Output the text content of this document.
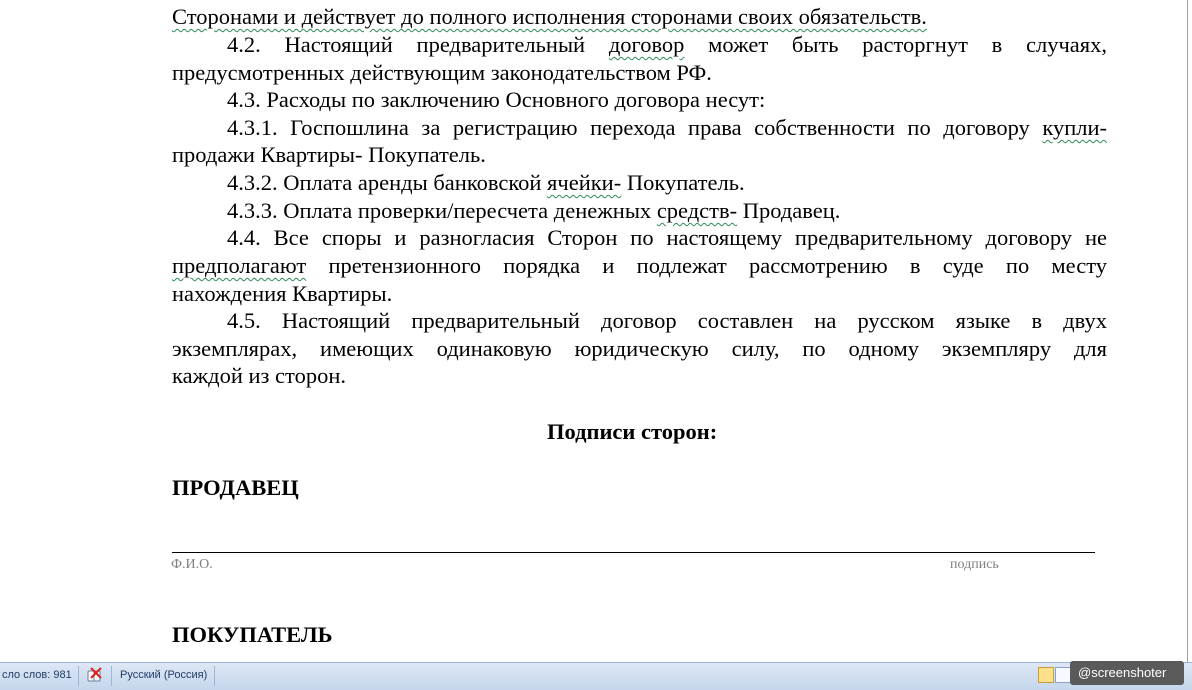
Сторонами и действует до полного исполнения сторонами своих обязательств.
4.2. Настоящий предварительный договор может быть расторгнут в случаях,
предусмотренных действующим законодательством РФ.
4.3. Расходы по заключению Основного договора несут:
4.3.1. Госпошлина за регистрацию перехода права собственности по договору купли-
продажи Квартиры- Покупатель.
4.3.2. Оплата аренды банковской ячейки- Покупатель.
4.3.3. Оплата проверки/пересчета денежных средств- Продавец.
4.4. Все споры и разногласия Сторон по настоящему предварительному договору не
предполагают претензионного порядка и подлежат рассмотрению в суде по месту
нахождения Квартиры.
4.5. Настоящий предварительный договор составлен на русском языке в двух
экземплярах, имеющих одинаковую юридическую силу, по одному экземпляру для
каждой из сторон.
Подписи сторон:
ПРОДАВЕЦ
Ф.И.О.	подпись
ПОКУПАТЕЛЬ
сло слов: 981	Русский (Россия)	@screenshoter
